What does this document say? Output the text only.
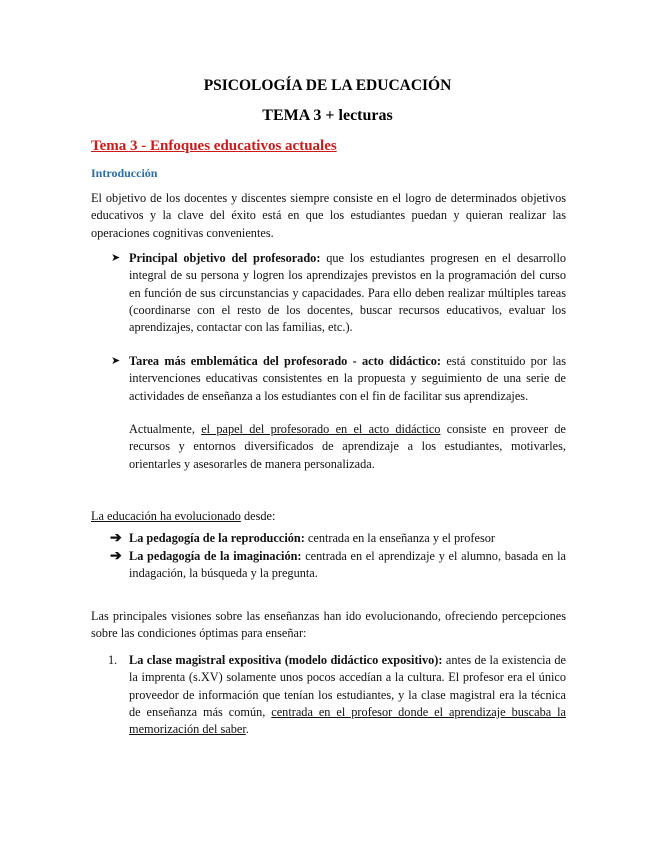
PSICOLOGÍA DE LA EDUCACIÓN
TEMA 3 + lecturas
Tema 3 - Enfoques educativos actuales
Introducción
El objetivo de los docentes y discentes siempre consiste en el logro de determinados objetivos educativos y la clave del éxito está en que los estudiantes puedan y quieran realizar las operaciones cognitivas convenientes.
➤ Principal objetivo del profesorado: que los estudiantes progresen en el desarrollo integral de su persona y logren los aprendizajes previstos en la programación del curso en función de sus circunstancias y capacidades. Para ello deben realizar múltiples tareas (coordinarse con el resto de los docentes, buscar recursos educativos, evaluar los aprendizajes, contactar con las familias, etc.).
➤ Tarea más emblemática del profesorado - acto didáctico: está constituido por las intervenciones educativas consistentes en la propuesta y seguimiento de una serie de actividades de enseñanza a los estudiantes con el fin de facilitar sus aprendizajes.
Actualmente, el papel del profesorado en el acto didáctico consiste en proveer de recursos y entornos diversificados de aprendizaje a los estudiantes, motivarles, orientarles y asesorarles de manera personalizada.
La educación ha evolucionado desde:
➔ La pedagogía de la reproducción: centrada en la enseñanza y el profesor
➔ La pedagogía de la imaginación: centrada en el aprendizaje y el alumno, basada en la indagación, la búsqueda y la pregunta.
Las principales visiones sobre las enseñanzas han ido evolucionando, ofreciendo percepciones sobre las condiciones óptimas para enseñar:
1. La clase magistral expositiva (modelo didáctico expositivo): antes de la existencia de la imprenta (s.XV) solamente unos pocos accedían a la cultura. El profesor era el único proveedor de información que tenían los estudiantes, y la clase magistral era la técnica de enseñanza más común, centrada en el profesor donde el aprendizaje buscaba la memorización del saber.
